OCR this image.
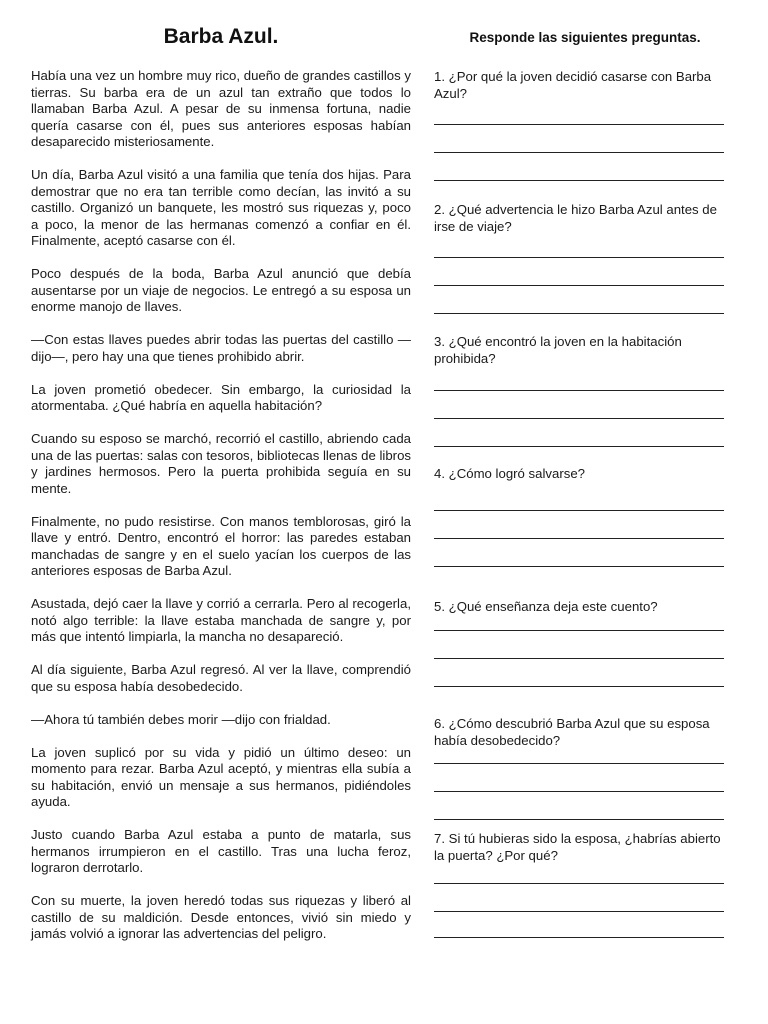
Barba Azul.

Había una vez un hombre muy rico, dueño de grandes castillos y tierras. Su barba era de un azul tan extraño que todos lo llamaban Barba Azul. A pesar de su inmensa fortuna, nadie quería casarse con él, pues sus anteriores esposas habían desaparecido misteriosamente.

Un día, Barba Azul visitó a una familia que tenía dos hijas. Para demostrar que no era tan terrible como decían, las invitó a su castillo. Organizó un banquete, les mostró sus riquezas y, poco a poco, la menor de las hermanas comenzó a confiar en él. Finalmente, aceptó casarse con él.

Poco después de la boda, Barba Azul anunció que debía ausentarse por un viaje de negocios. Le entregó a su esposa un enorme manojo de llaves.

—Con estas llaves puedes abrir todas las puertas del castillo —dijo—, pero hay una que tienes prohibido abrir.

La joven prometió obedecer. Sin embargo, la curiosidad la atormentaba. ¿Qué habría en aquella habitación?

Cuando su esposo se marchó, recorrió el castillo, abriendo cada una de las puertas: salas con tesoros, bibliotecas llenas de libros y jardines hermosos. Pero la puerta prohibida seguía en su mente.

Finalmente, no pudo resistirse. Con manos temblorosas, giró la llave y entró. Dentro, encontró el horror: las paredes estaban manchadas de sangre y en el suelo yacían los cuerpos de las anteriores esposas de Barba Azul.

Asustada, dejó caer la llave y corrió a cerrarla. Pero al recogerla, notó algo terrible: la llave estaba manchada de sangre y, por más que intentó limpiarla, la mancha no desapareció.

Al día siguiente, Barba Azul regresó. Al ver la llave, comprendió que su esposa había desobedecido.

—Ahora tú también debes morir —dijo con frialdad.

La joven suplicó por su vida y pidió un último deseo: un momento para rezar. Barba Azul aceptó, y mientras ella subía a su habitación, envió un mensaje a sus hermanos, pidiéndoles ayuda.

Justo cuando Barba Azul estaba a punto de matarla, sus hermanos irrumpieron en el castillo. Tras una lucha feroz, lograron derrotarlo.

Con su muerte, la joven heredó todas sus riquezas y liberó al castillo de su maldición. Desde entonces, vivió sin miedo y jamás volvió a ignorar las advertencias del peligro.

Responde las siguientes preguntas.

1. ¿Por qué la joven decidió casarse con Barba Azul?

2. ¿Qué advertencia le hizo Barba Azul antes de irse de viaje?

3. ¿Qué encontró la joven en la habitación prohibida?

4. ¿Cómo logró salvarse?

5. ¿Qué enseñanza deja este cuento?

6. ¿Cómo descubrió Barba Azul que su esposa había desobedecido?

7. Si tú hubieras sido la esposa, ¿habrías abierto la puerta? ¿Por qué?
